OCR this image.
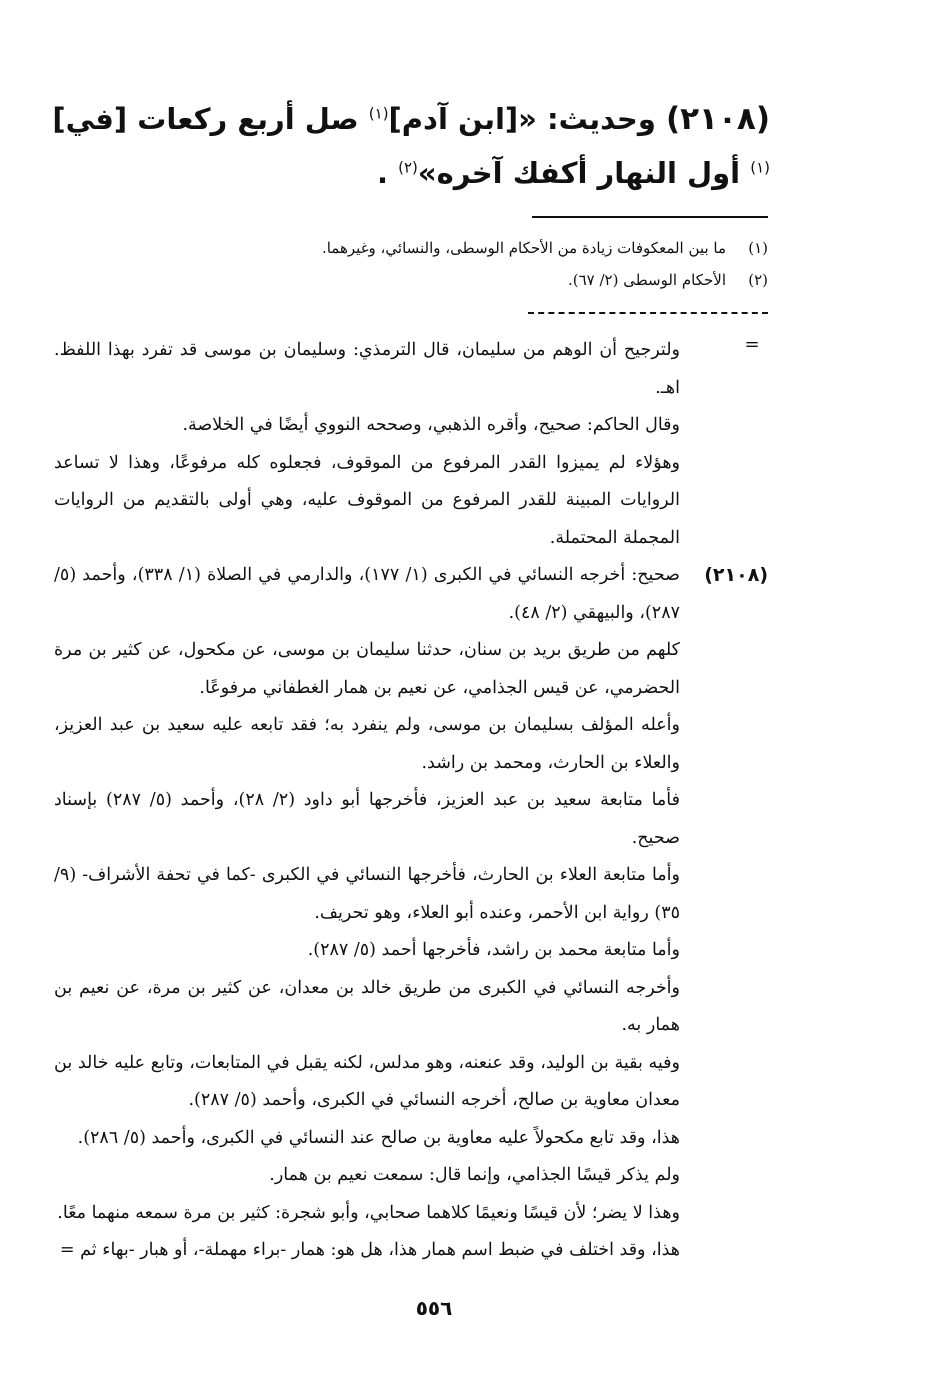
(٢١٠٨) وحديث: «[ابن آدم]$^{(١)}$ صل أربع ركعات [في]$^{(١)}$ أول النهار أكفك آخره»$^{(٢)}$ .
(١)
ما بين المعكوفات زيادة من الأحكام الوسطى، والنسائي، وغيرهما.
(٢)
الأحكام الوسطى (٢/ ٦٧).
=
ولترجيح أن الوهم من سليمان، قال الترمذي: وسليمان بن موسى قد تفرد بهذا اللفظ. اهـ.
وقال الحاكم: صحيح، وأقره الذهبي، وصححه النووي أيضًا في الخلاصة.
وهؤلاء لم يميزوا القدر المرفوع من الموقوف، فجعلوه كله مرفوعًا، وهذا لا تساعد الروايات المبينة للقدر المرفوع من الموقوف عليه، وهي أولى بالتقديم من الروايات المجملة المحتملة.
(٢١٠٨)
صحيح: أخرجه النسائي في الكبرى (١/ ١٧٧)، والدارمي في الصلاة (١/ ٣٣٨)، وأحمد (٥/ ٢٨٧)، والبيهقي (٢/ ٤٨).
كلهم من طريق بريد بن سنان، حدثنا سليمان بن موسى، عن مكحول، عن كثير بن مرة الحضرمي، عن قيس الجذامي، عن نعيم بن همار الغطفاني مرفوعًا.
وأعله المؤلف بسليمان بن موسى، ولم ينفرد به؛ فقد تابعه عليه سعيد بن عبد العزيز، والعلاء بن الحارث، ومحمد بن راشد.
فأما متابعة سعيد بن عبد العزيز، فأخرجها أبو داود (٢/ ٢٨)، وأحمد (٥/ ٢٨٧) بإسناد صحيح.
وأما متابعة العلاء بن الحارث، فأخرجها النسائي في الكبرى -كما في تحفة الأشراف- (٩/ ٣٥) رواية ابن الأحمر، وعنده أبو العلاء، وهو تحريف.
وأما متابعة محمد بن راشد، فأخرجها أحمد (٥/ ٢٨٧).
وأخرجه النسائي في الكبرى من طريق خالد بن معدان، عن كثير بن مرة، عن نعيم بن همار به.
وفيه بقية بن الوليد، وقد عنعنه، وهو مدلس، لكنه يقبل في المتابعات، وتابع عليه خالد بن معدان معاوية بن صالح، أخرجه النسائي في الكبرى، وأحمد (٥/ ٢٨٧).
هذا، وقد تابع مكحولاً عليه معاوية بن صالح عند النسائي في الكبرى، وأحمد (٥/ ٢٨٦).
ولم يذكر قيسًا الجذامي، وإنما قال: سمعت نعيم بن همار.
وهذا لا يضر؛ لأن قيسًا ونعيمًا كلاهما صحابي، وأبو شجرة: كثير بن مرة سمعه منهما معًا.
هذا، وقد اختلف في ضبط اسم همار هذا، هل هو: همار -براء مهملة-، أو هبار -بهاء ثم =
٥٥٦
